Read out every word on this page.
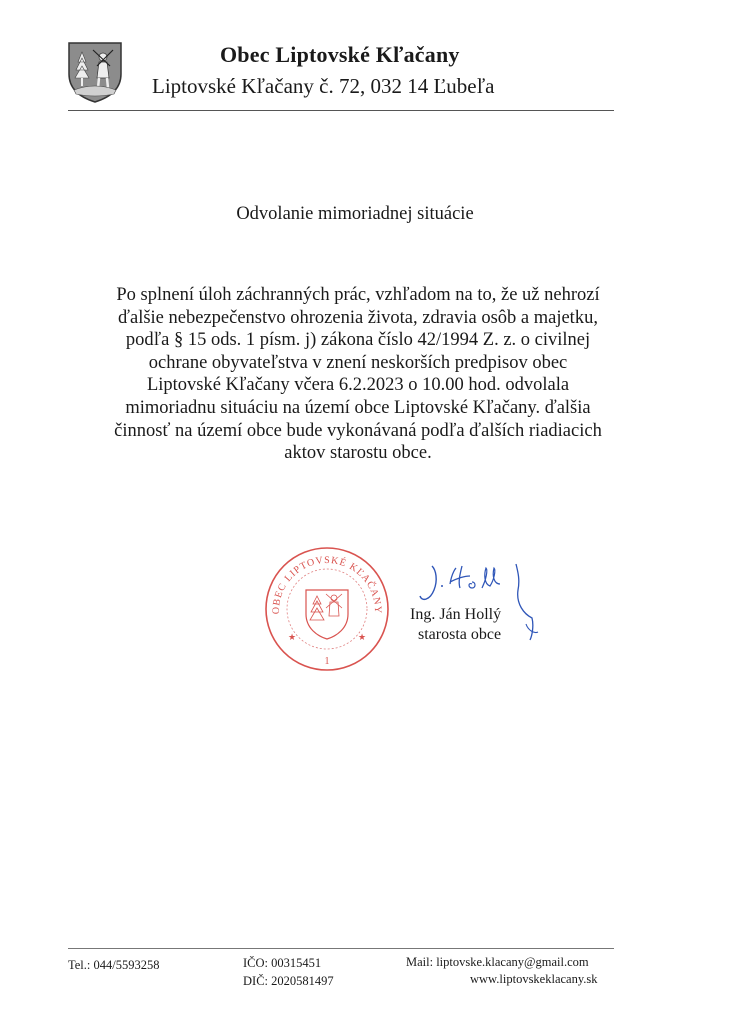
Obec Liptovské Kľačany
Liptovské Kľačany č. 72, 032 14 Ľubeľa
Odvolanie mimoriadnej situácie
Po splnení úloh záchranných prác, vzhľadom na to, že už nehrozí
ďalšie nebezpečenstvo ohrozenia života, zdravia osôb a majetku,
podľa § 15 ods. 1 písm. j) zákona číslo 42/1994 Z. z. o civilnej
ochrane obyvateľstva v znení neskorších predpisov obec
Liptovské Kľačany včera 6.2.2023 o 10.00 hod. odvolala
mimoriadnu situáciu na území obce Liptovské Kľačany. ďalšia
činnosť na území obce bude vykonávaná podľa ďalších riadiacich
aktov starostu obce.
OBEC LIPTOVSKÉ KĽAČANY
★	★
1
Ing. Ján Hollý
starosta obce
Tel.: 044/5593258	IČO: 00315451
DIČ: 2020581497
Mail: liptovske.klacany@gmail.com
www.liptovskeklacany.sk
